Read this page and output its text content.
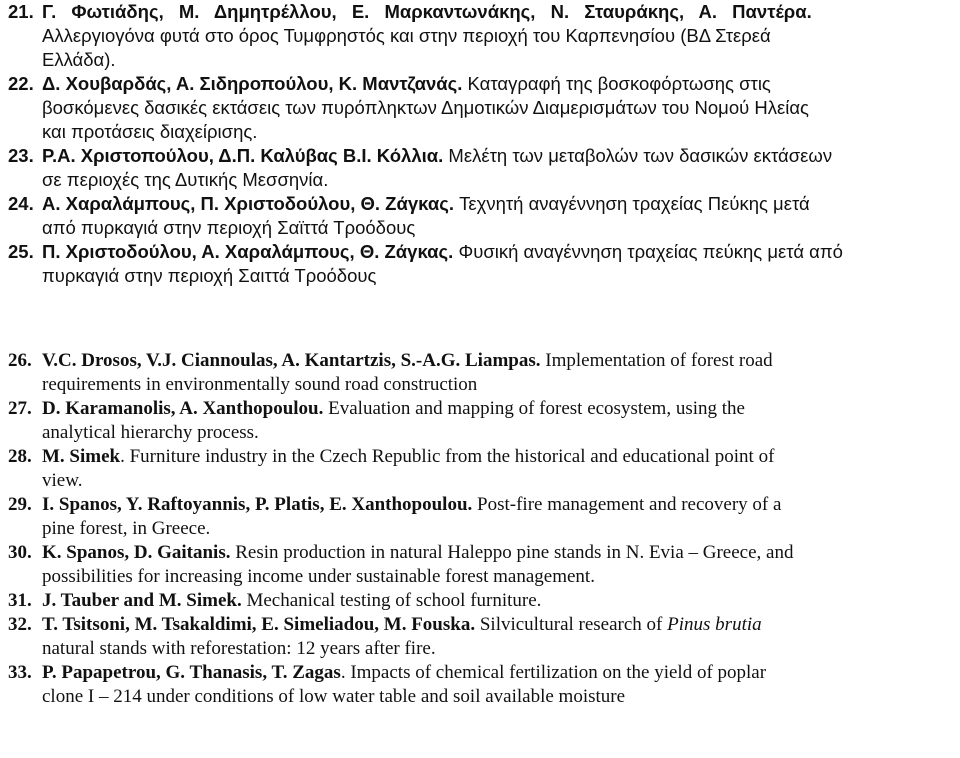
21. Γ. Φωτιάδης, Μ. Δημητρέλλου, Ε. Μαρκαντωνάκης, Ν. Σταυράκης, Α. Παντέρα.
Αλλεργιογόνα φυτά στο όρος Τυμφρηστός και στην περιοχή του Καρπενησίου (ΒΔ Στερεά
Ελλάδα).
22. Δ. Χουβαρδάς, Α. Σιδηροπούλου, Κ. Μαντζανάς.
Καταγραφή της βοσκοφόρτωσης στις
βοσκόμενες δασικές εκτάσεις των πυρόπληκτων Δημοτικών Διαμερισμάτων του Νομού Ηλείας
και προτάσεις διαχείρισης.
23. Ρ.Α. Χριστοπούλου, Δ.Π. Καλύβας Β.Ι. Κόλλια.
Μελέτη των μεταβολών των δασικών εκτάσεων
σε περιοχές της Δυτικής Μεσσηνία.
24. Α. Χαραλάμπους, Π. Χριστοδούλου, Θ. Ζάγκας.
Τεχνητή αναγέννηση τραχείας Πεύκης μετά
από πυρκαγιά στην περιοχή Σαϊττά Τροόδους
25. Π. Χριστοδούλου, Α. Χαραλάμπους, Θ. Ζάγκας.
Φυσική αναγέννηση τραχείας πεύκης μετά από
πυρκαγιά στην περιοχή Σαιττά Τροόδους
26. V.C. Drosos, V.J. Ciannoulas, A. Kantartzis, S.-A.G. Liampas.
Implementation of forest road
requirements in environmentally sound road construction
27. D. Karamanolis, A. Xanthopoulou.
Evaluation and mapping of forest ecosystem, using the
analytical hierarchy process.
28. M. Simek . Furniture industry in the Czech Republic from the historical and educational point of
view.
29. I. Spanos, Y. Raftoyannis, P. Platis, E. Xanthopoulou.
Post-fire management and recovery of a
pine forest, in Greece.
30. K. Spanos, D. Gaitanis.
Resin production in natural Haleppo pine stands in N. Evia – Greece, and
possibilities for increasing income under sustainable forest management.
31. J. Tauber and M. Simek.
Mechanical testing of school furniture.
32. T. Tsitsoni, M. Tsakaldimi, E. Simeliadou, M. Fouska.
Silvicultural research of
Pinus brutia
natural stands with reforestation: 12 years after fire.
33. P. Papapetrou, G. Thanasis, T. Zagas . Impacts of chemical fertilization on the yield of poplar
clone I – 214 under conditions of low water table and soil available moisture
